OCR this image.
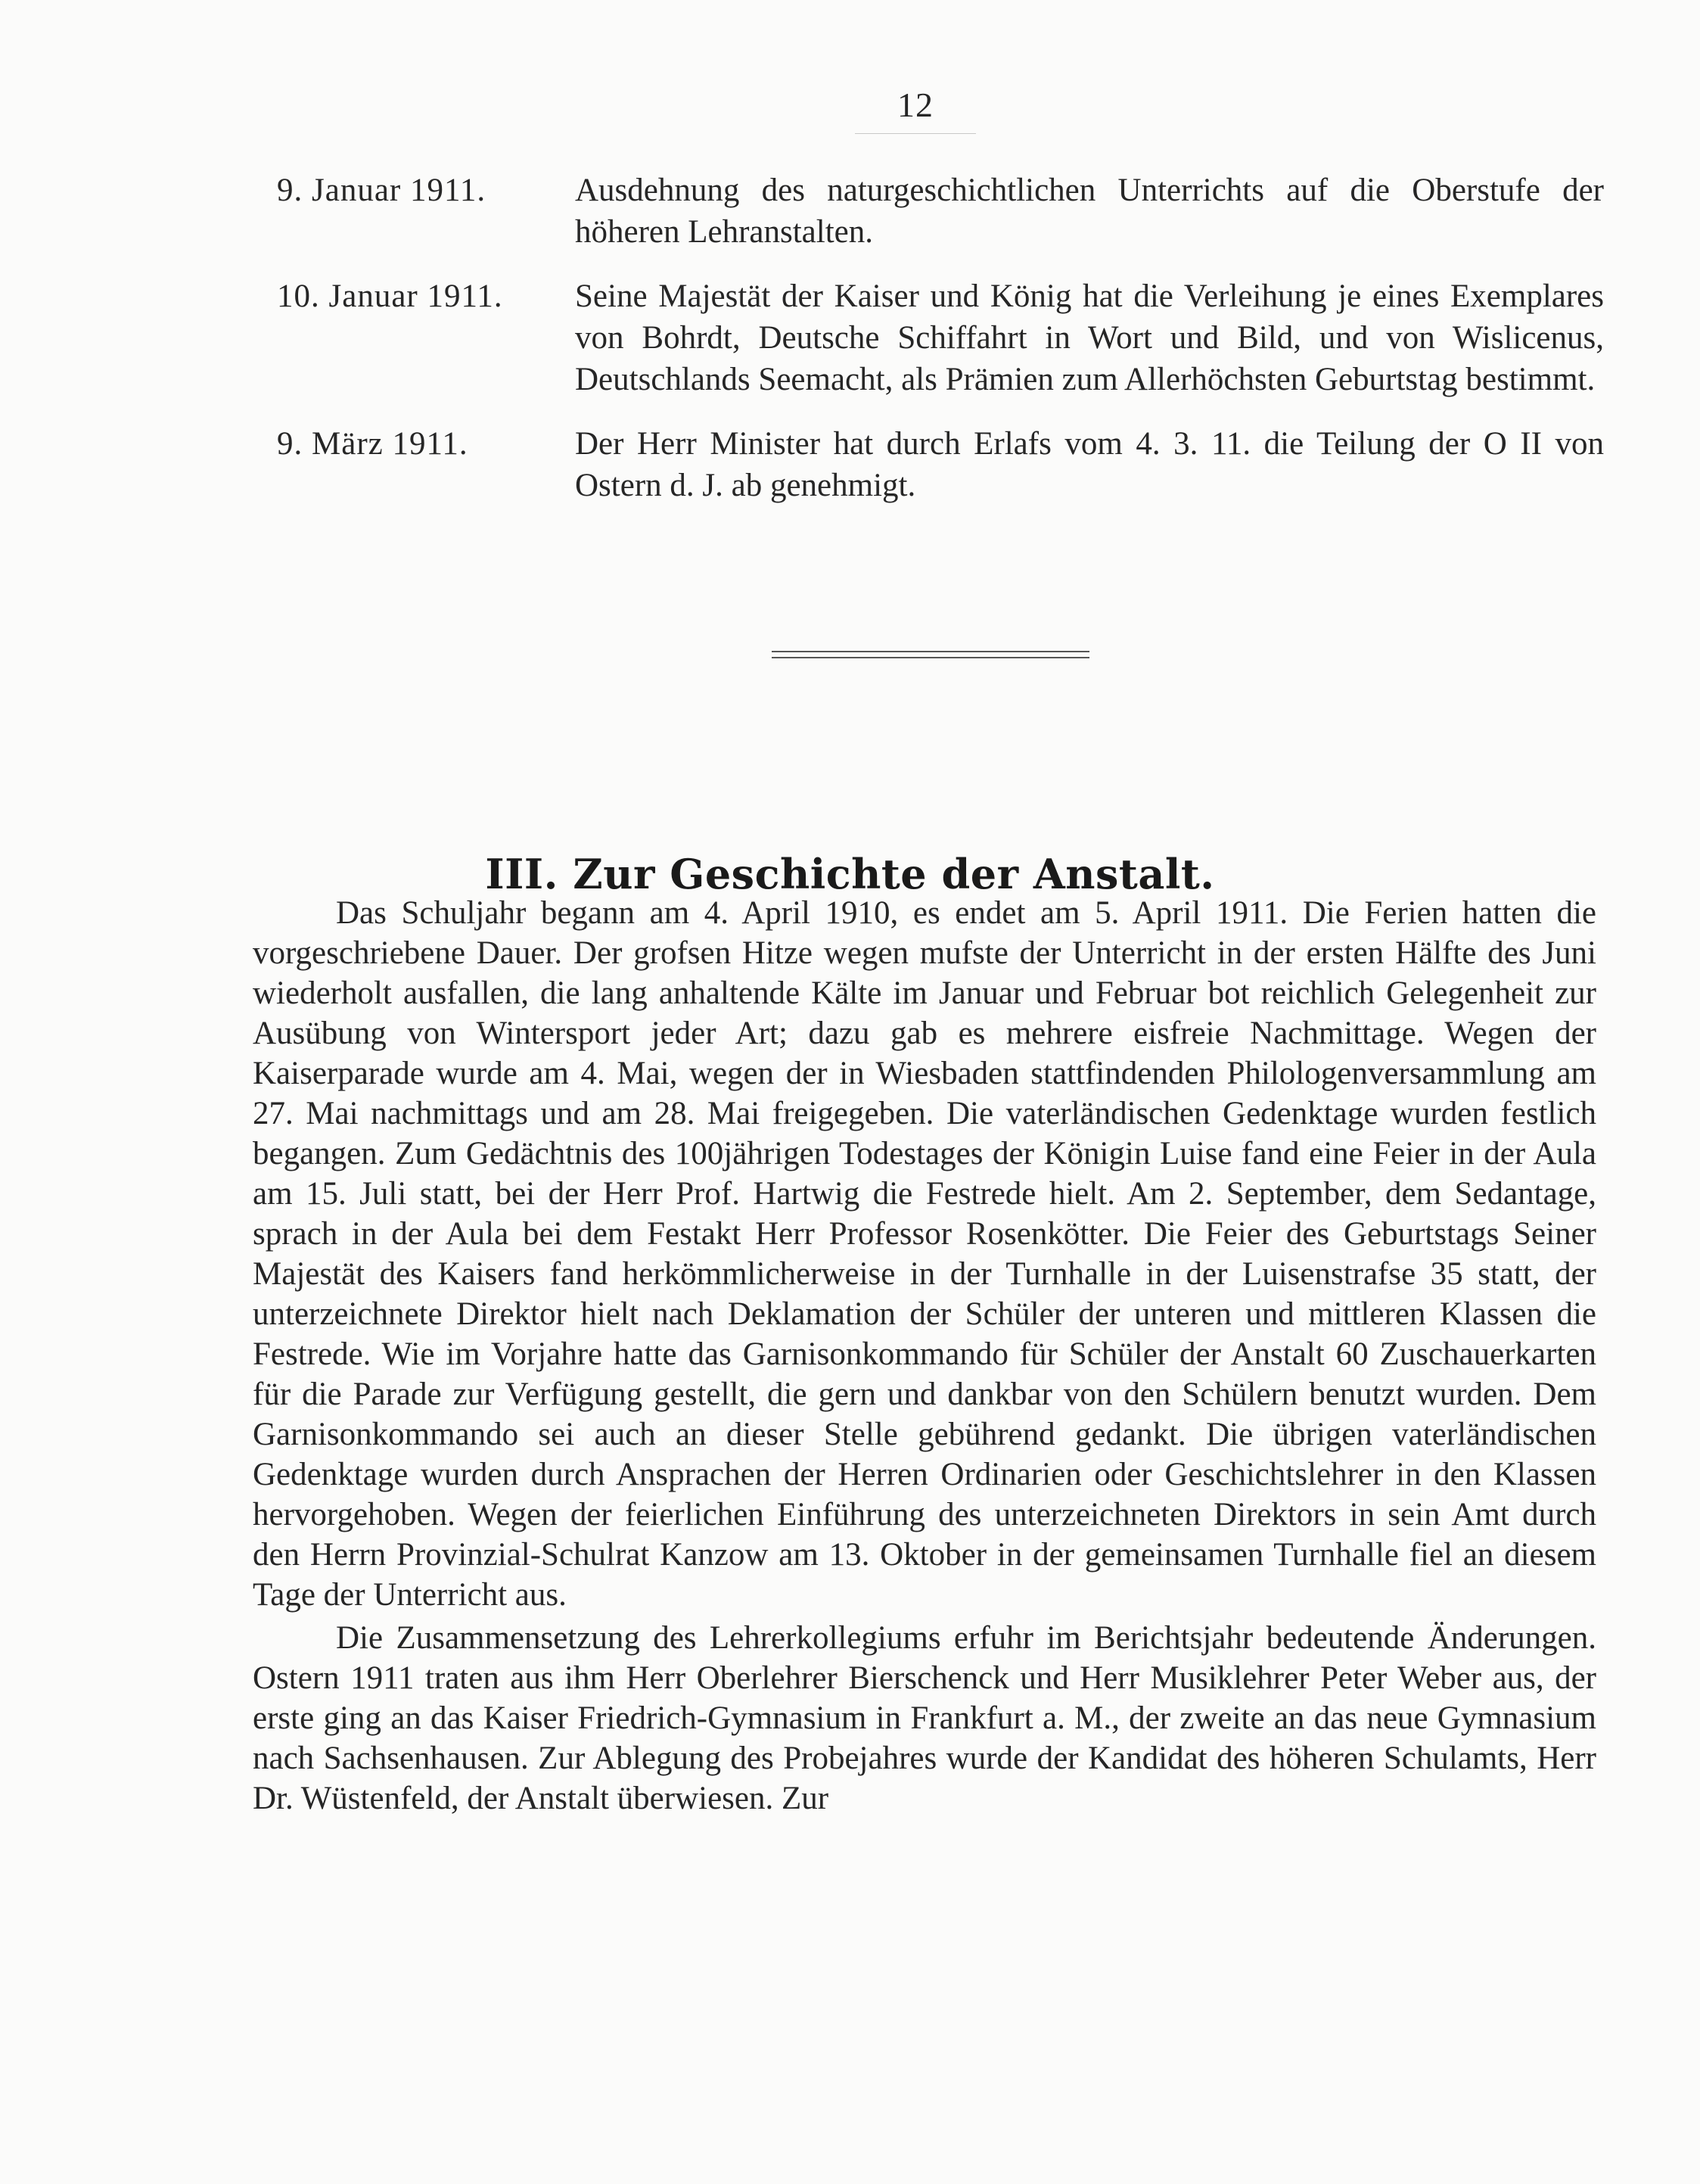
12
9. Januar 1911.	Ausdehnung des naturgeschichtlichen Unterrichts auf die Oberstufe der höheren Lehranstalten.
10. Januar 1911. Seine Majestät der Kaiser und König hat die Verleihung je eines Exemplares von Bohrdt, Deutsche Schiffahrt in Wort und Bild, und von Wislicenus, Deutschlands Seemacht, als Prämien zum Allerhöchsten Geburtstag bestimmt.
9. März 1911.	Der Herr Minister hat durch Erlafs vom 4. 3. 11. die Teilung der O II von Ostern d. J. ab genehmigt.
III. Zur Geschichte der Anstalt.

Das Schuljahr begann am 4. April 1910, es endet am 5. April 1911. Die Ferien hatten die vorgeschriebene Dauer. Der grofsen Hitze wegen mufste der Unterricht in der ersten Hälfte des Juni wiederholt ausfallen, die lang anhaltende Kälte im Januar und Februar bot reichlich Gelegenheit zur Ausübung von Wintersport jeder Art; dazu gab es mehrere eisfreie Nachmittage. Wegen der Kaiserparade wurde am 4. Mai, wegen der in Wiesbaden stattfindenden Philologenversammlung am 27. Mai nachmittags und am 28. Mai freigegeben. Die vaterländischen Gedenktage wurden festlich begangen. Zum Gedächtnis des 100jährigen Todestages der Königin Luise fand eine Feier in der Aula am 15. Juli statt, bei der Herr Prof. Hartwig die Festrede hielt. Am 2. September, dem Sedantage, sprach in der Aula bei dem Festakt Herr Professor Rosenkötter. Die Feier des Geburtstags Seiner Majestät des Kaisers fand herkömmlicherweise in der Turnhalle in der Luisenstrafse 35 statt, der unterzeichnete Direktor hielt nach Deklamation der Schüler der unteren und mittleren Klassen die Festrede. Wie im Vorjahre hatte das Garnisonkommando für Schüler der Anstalt 60 Zuschauerkarten für die Parade zur Verfügung gestellt, die gern und dankbar von den Schülern benutzt wurden. Dem Garnisonkommando sei auch an dieser Stelle gebührend gedankt. Die übrigen vaterländischen Gedenktage wurden durch Ansprachen der Herren Ordinarien oder Geschichtslehrer in den Klassen hervorgehoben. Wegen der feierlichen Einführung des unterzeichneten Direktors in sein Amt durch den Herrn Provinzial-Schulrat Kanzow am 13. Oktober in der gemeinsamen Turnhalle fiel an diesem Tage der Unterricht aus.

Die Zusammensetzung des Lehrerkollegiums erfuhr im Berichtsjahr bedeutende Änderungen. Ostern 1911 traten aus ihm Herr Oberlehrer Bierschenck und Herr Musiklehrer Peter Weber aus, der erste ging an das Kaiser Friedrich-Gymnasium in Frankfurt a. M., der zweite an das neue Gymnasium nach Sachsenhausen. Zur Ablegung des Probejahres wurde der Kandidat des höheren Schulamts, Herr Dr. Wüstenfeld, der Anstalt überwiesen. Zur
